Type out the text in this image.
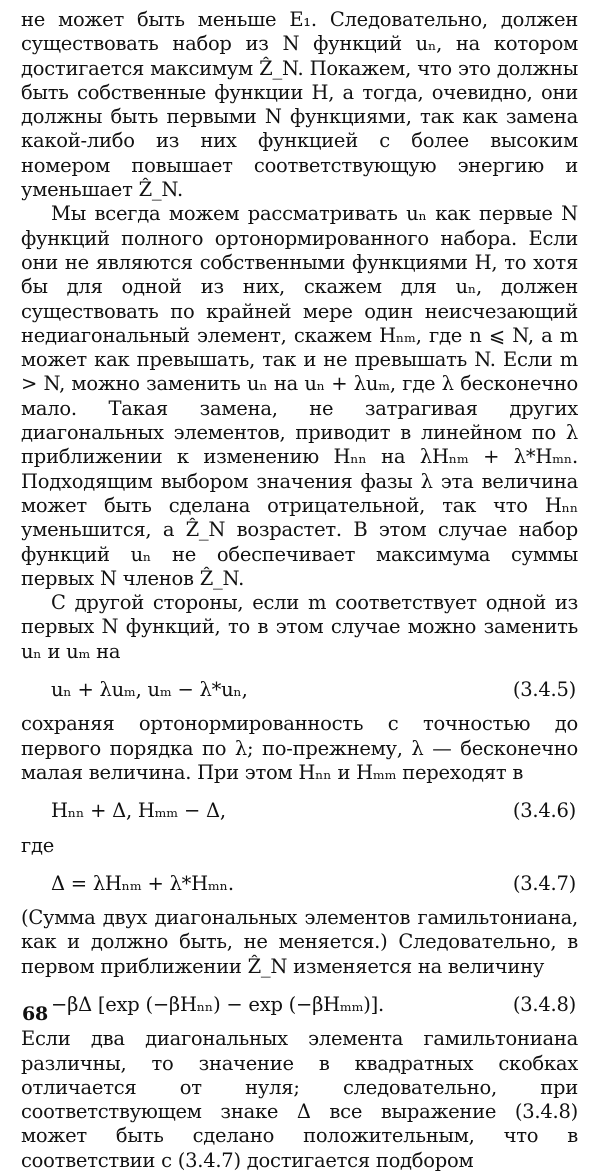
не может быть меньше E₁. Следовательно, должен существовать набор из N функций uₙ, на котором достигается максимум Ẑ_N. Покажем, что это должны быть собственные функции H, а тогда, очевидно, они должны быть первыми N функциями, так как замена какой-либо из них функцией с более высоким номером повышает соответствующую энергию и уменьшает Ẑ_N.

Мы всегда можем рассматривать uₙ как первые N функций полного ортонормированного набора. Если они не являются собственными функциями H, то хотя бы для одной из них, скажем для uₙ, должен существовать по крайней мере один неисчезающий недиагональный элемент, скажем Hₙₘ, где n ⩽ N, а m может как превышать, так и не превышать N. Если m > N, можно заменить uₙ на uₙ + λuₘ, где λ бесконечно мало. Такая замена, не затрагивая других диагональных элементов, приводит в линейном по λ приближении к изменению Hₙₙ на λHₙₘ + λ*Hₘₙ. Подходящим выбором значения фазы λ эта величина может быть сделана отрицательной, так что Hₙₙ уменьшится, а Ẑ_N возрастет. В этом случае набор функций uₙ не обеспечивает максимума суммы первых N членов Ẑ_N.

С другой стороны, если m соответствует одной из первых N функций, то в этом случае можно заменить uₙ и uₘ на

uₙ + λuₘ, uₘ − λ*uₙ,	(3.4.5)

сохраняя ортонормированность с точностью до первого порядка по λ; по-прежнему, λ — бесконечно малая величина. При этом Hₙₙ и Hₘₘ переходят в

Hₙₙ + Δ, Hₘₘ − Δ,	(3.4.6)

где

Δ = λHₙₘ + λ*Hₘₙ.	(3.4.7)

(Сумма двух диагональных элементов гамильтониана, как и должно быть, не меняется.) Следовательно, в первом приближении Ẑ_N изменяется на величину

−βΔ [exp (−βHₙₙ) − exp (−βHₘₘ)].	(3.4.8)

Если два диагональных элемента гамильтониана различны, то значение в квадратных скобках отличается от нуля; следовательно, при соответствующем знаке Δ все выражение (3.4.8) может быть сделано положительным, что в соответствии с (3.4.7) достигается подбором

68
